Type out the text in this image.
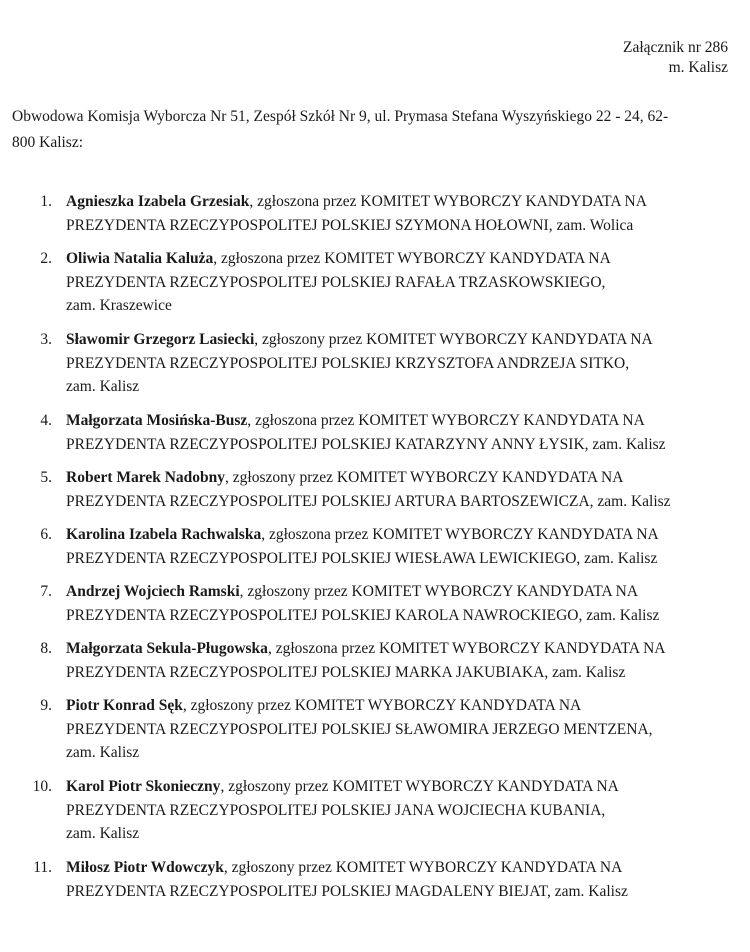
Załącznik nr 286
m. Kalisz
Obwodowa Komisja Wyborcza Nr 51, Zespół Szkół Nr 9, ul. Prymasa Stefana Wyszyńskiego 22 - 24, 62-
800 Kalisz:
1. Agnieszka Izabela Grzesiak, zgłoszona przez KOMITET WYBORCZY KANDYDATA NA
PREZYDENTA RZECZYPOSPOLITEJ POLSKIEJ SZYMONA HOŁOWNI, zam. Wolica
2. Oliwia Natalia Kaluża, zgłoszona przez KOMITET WYBORCZY KANDYDATA NA
PREZYDENTA RZECZYPOSPOLITEJ POLSKIEJ RAFAŁA TRZASKOWSKIEGO,
zam. Kraszewice
3. Sławomir Grzegorz Lasiecki, zgłoszony przez KOMITET WYBORCZY KANDYDATA NA
PREZYDENTA RZECZYPOSPOLITEJ POLSKIEJ KRZYSZTOFA ANDRZEJA SITKO,
zam. Kalisz
4. Małgorzata Mosińska-Busz, zgłoszona przez KOMITET WYBORCZY KANDYDATA NA
PREZYDENTA RZECZYPOSPOLITEJ POLSKIEJ KATARZYNY ANNY ŁYSIK, zam. Kalisz
5. Robert Marek Nadobny, zgłoszony przez KOMITET WYBORCZY KANDYDATA NA
PREZYDENTA RZECZYPOSPOLITEJ POLSKIEJ ARTURA BARTOSZEWICZA, zam. Kalisz
6. Karolina Izabela Rachwalska, zgłoszona przez KOMITET WYBORCZY KANDYDATA NA
PREZYDENTA RZECZYPOSPOLITEJ POLSKIEJ WIESŁAWA LEWICKIEGO, zam. Kalisz
7. Andrzej Wojciech Ramski, zgłoszony przez KOMITET WYBORCZY KANDYDATA NA
PREZYDENTA RZECZYPOSPOLITEJ POLSKIEJ KAROLA NAWROCKIEGO, zam. Kalisz
8. Małgorzata Sekula-Pługowska, zgłoszona przez KOMITET WYBORCZY KANDYDATA NA
PREZYDENTA RZECZYPOSPOLITEJ POLSKIEJ MARKA JAKUBIAKA, zam. Kalisz
9. Piotr Konrad Sęk, zgłoszony przez KOMITET WYBORCZY KANDYDATA NA
PREZYDENTA RZECZYPOSPOLITEJ POLSKIEJ SŁAWOMIRA JERZEGO MENTZENA,
zam. Kalisz
10. Karol Piotr Skonieczny, zgłoszony przez KOMITET WYBORCZY KANDYDATA NA
PREZYDENTA RZECZYPOSPOLITEJ POLSKIEJ JANA WOJCIECHA KUBANIA,
zam. Kalisz
11. Miłosz Piotr Wdowczyk, zgłoszony przez KOMITET WYBORCZY KANDYDATA NA
PREZYDENTA RZECZYPOSPOLITEJ POLSKIEJ MAGDALENY BIEJAT, zam. Kalisz
